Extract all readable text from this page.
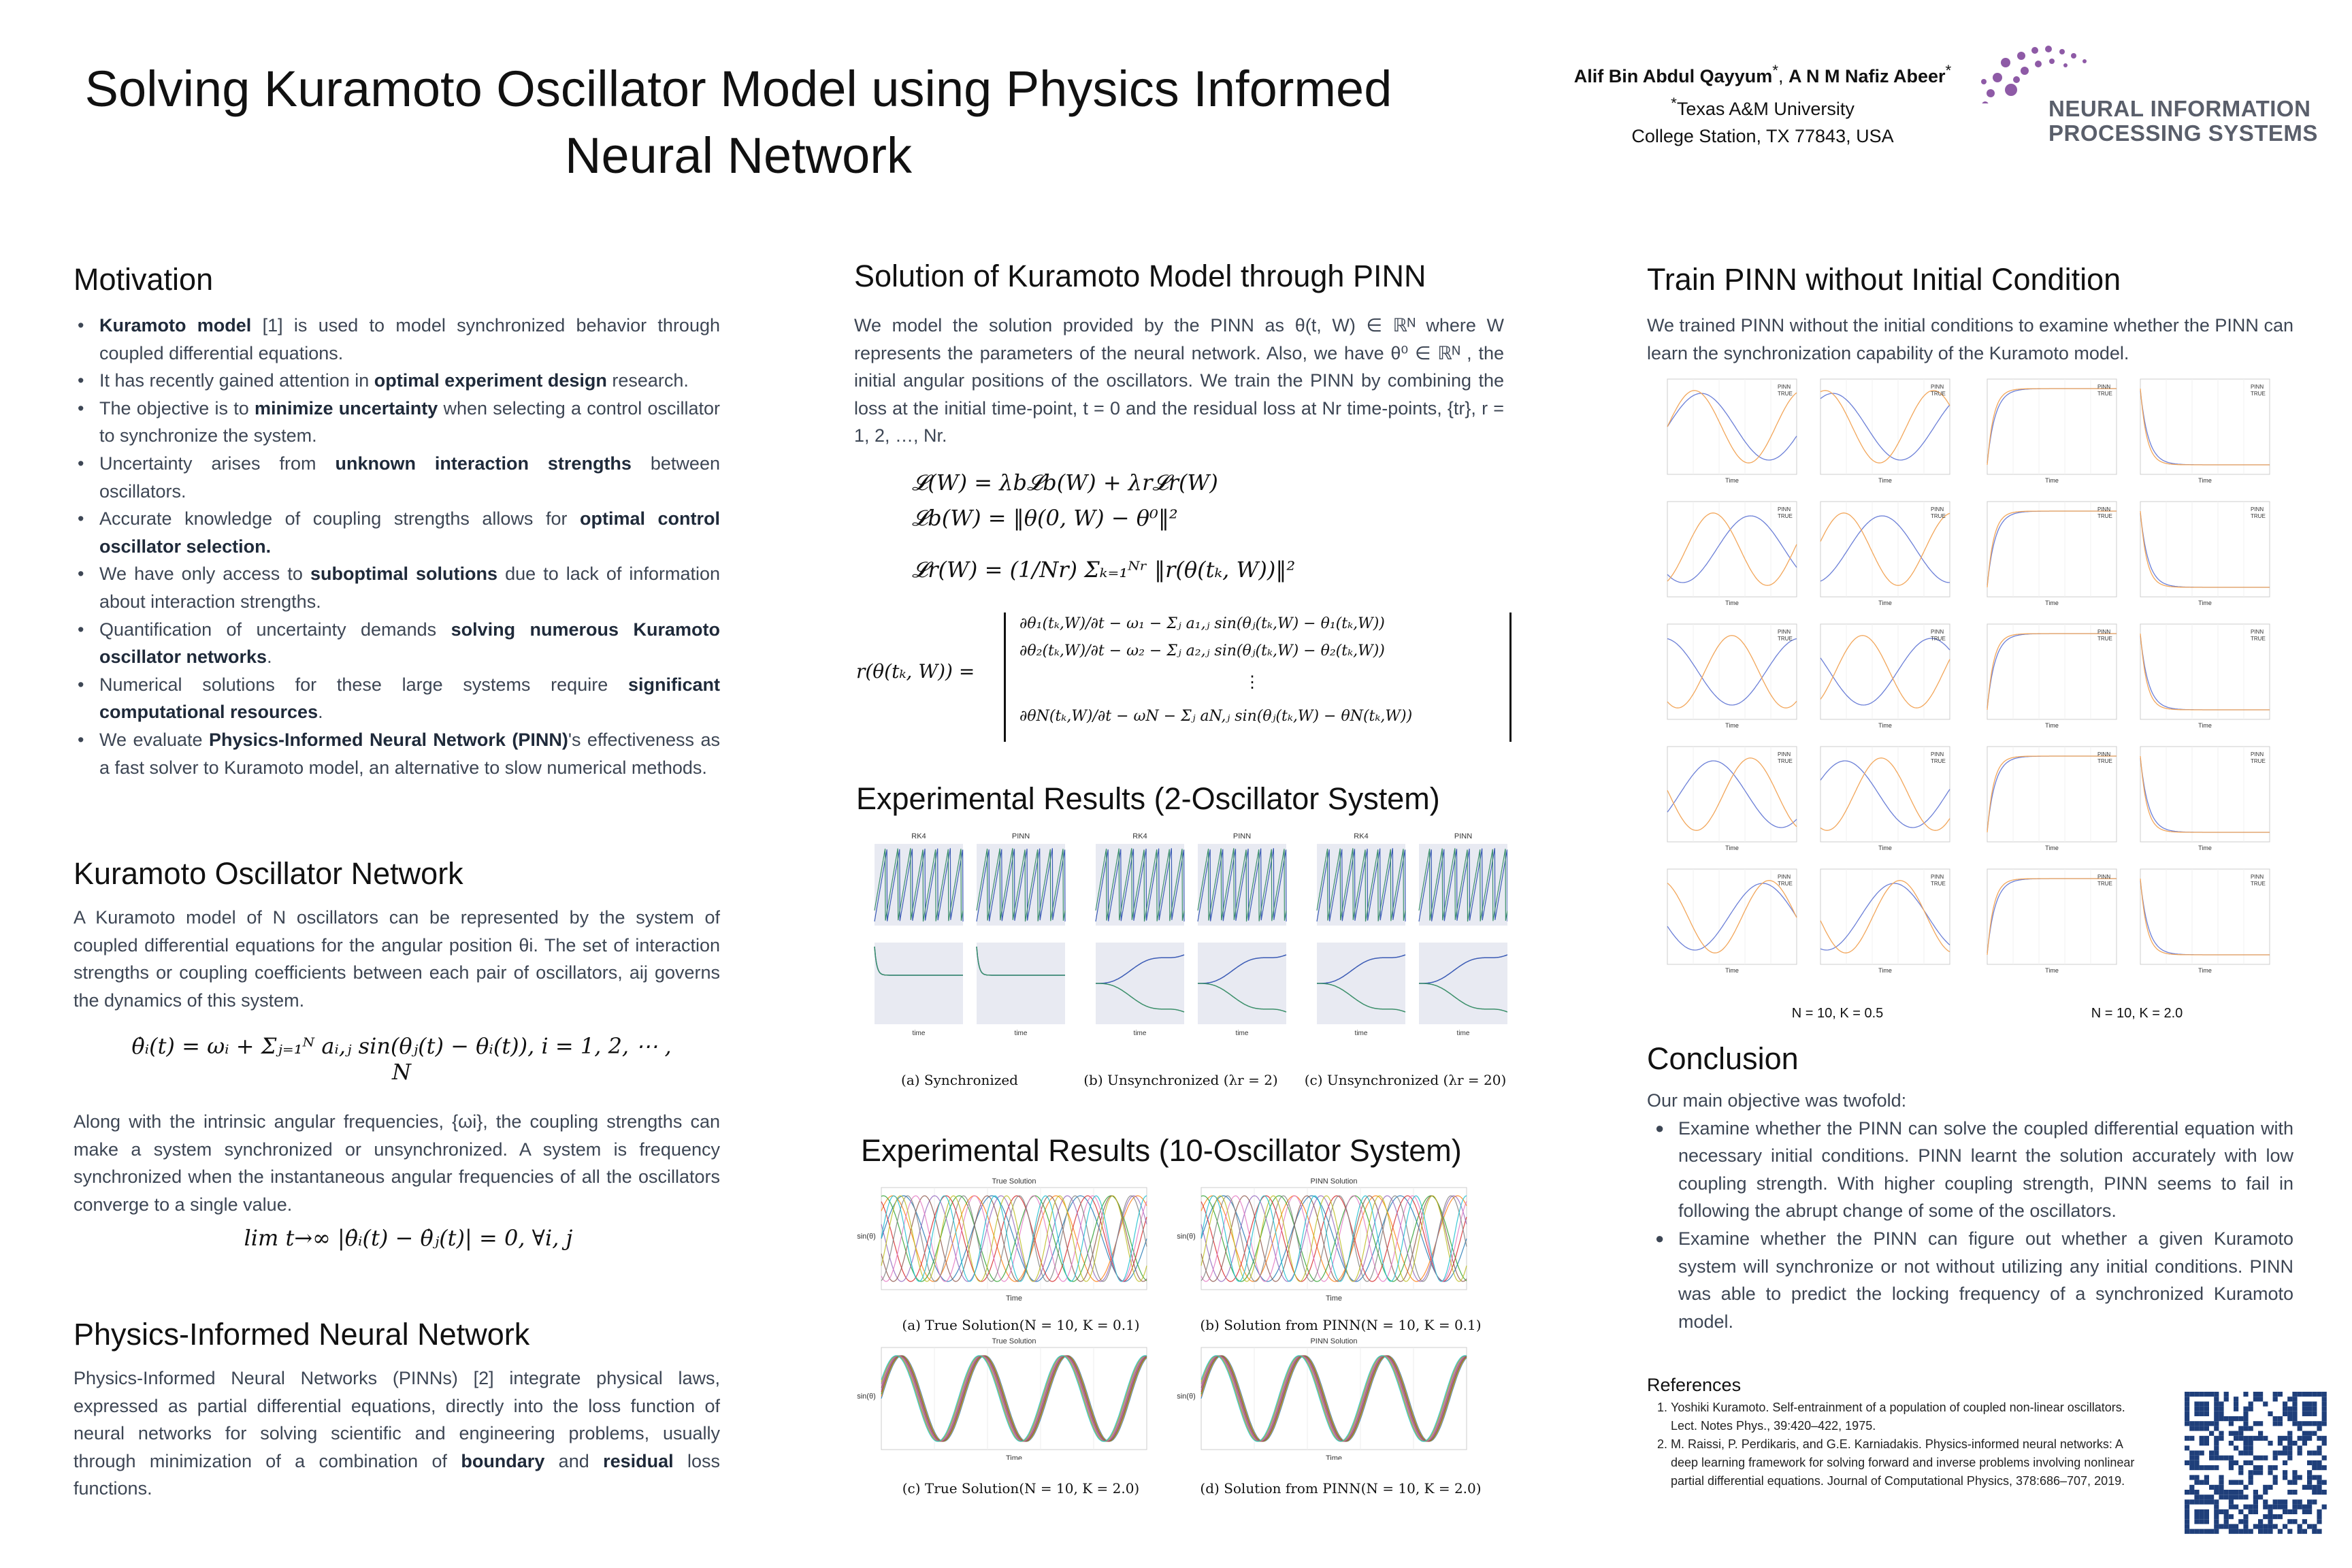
Solving Kuramoto Oscillator Model using Physics Informed
Neural Network
Alif Bin Abdul Qayyum*, A N M Nafiz Abeer*
*Texas A&M University
College Station, TX 77843, USA
NEURAL INFORMATION
PROCESSING SYSTEMS
Motivation
• Kuramoto model [1] is used to model synchronized behavior through coupled differential equations.
• It has recently gained attention in optimal experiment design research.
• The objective is to minimize uncertainty when selecting a control oscillator to synchronize the system.
• Uncertainty arises from unknown interaction strengths between oscillators.
• Accurate knowledge of coupling strengths allows for optimal control oscillator selection.
• We have only access to suboptimal solutions due to lack of information about interaction strengths.
• Quantification of uncertainty demands solving numerous Kuramoto oscillator networks.
• Numerical solutions for these large systems require significant computational resources.
• We evaluate Physics-Informed Neural Network (PINN)'s effectiveness as a fast solver to Kuramoto model, an alternative to slow numerical methods.
Kuramoto Oscillator Network
A Kuramoto model of N oscillators can be represented by the system of coupled differential equations for the angular position θi. The set of interaction strengths or coupling coefficients between each pair of oscillators, aij governs the dynamics of this system.
θ̇ᵢ(t) = ωᵢ + Σⱼ₌₁ᴺ aᵢ,ⱼ sin(θⱼ(t) − θᵢ(t)), i = 1, 2, ⋯ , N
Along with the intrinsic angular frequencies, {ωi}, the coupling strengths can make a system synchronized or unsynchronized. A system is frequency synchronized when the instantaneous angular frequencies of all the oscillators converge to a single value.
lim t→∞ |θ̇ᵢ(t) − θ̇ⱼ(t)| = 0, ∀i, j
Physics-Informed Neural Network
Physics-Informed Neural Networks (PINNs) [2] integrate physical laws, expressed as partial differential equations, directly into the loss function of neural networks for solving scientific and engineering problems, usually through minimization of a combination of boundary and residual loss functions.
Solution of Kuramoto Model through PINN
We model the solution provided by the PINN as θ(t, W) ∈ ℝᴺ where W represents the parameters of the neural network. Also, we have θ⁰ ∈ ℝᴺ , the initial angular positions of the oscillators. We train the PINN by combining the loss at the initial time-point, t = 0 and the residual loss at Nr time-points, {tr}, r = 1, 2, …, Nr.
𝓛(W) = λb𝓛b(W) + λr𝓛r(W)
𝓛b(W) = ‖θ(0, W) − θ⁰‖²
𝓛r(W) = (1/Nr) Σₖ₌₁ᴺʳ ‖r(θ(tₖ, W))‖²
r(θ(tₖ, W)) =
∂θ₁(tₖ,W)/∂t − ω₁ − Σⱼ a₁,ⱼ sin(θⱼ(tₖ,W) − θ₁(tₖ,W))
∂θ₂(tₖ,W)/∂t − ω₂ − Σⱼ a₂,ⱼ sin(θⱼ(tₖ,W) − θ₂(tₖ,W))
⋮
∂θN(tₖ,W)/∂t − ωN − Σⱼ aN,ⱼ sin(θⱼ(tₖ,W) − θN(tₖ,W))
Experimental Results (2-Oscillator System)
RK4
time
PINN
time
RK4
time
PINN
time
RK4
time
PINN
time
(a) Synchronized	(b) Unsynchronized (λr = 2)	(c) Unsynchronized (λr = 20)
Experimental Results (10-Oscillator System)
True Solution
sin(θ)
Time
PINN Solution
sin(θ)
Time
True Solution
sin(θ)
Time
PINN Solution
sin(θ)
Time
(a) True Solution(N = 10, K = 0.1)	(b) Solution from PINN(N = 10, K = 0.1)
(c) True Solution(N = 10, K = 2.0)	(d) Solution from PINN(N = 10, K = 2.0)
Train PINN without Initial Condition
We trained PINN without the initial conditions to examine whether the PINN can learn the synchronization capability of the Kuramoto model.
PINN
TRUE
Time
PINN
TRUE
Time
PINN
TRUE
Time
PINN
TRUE
Time
PINN
TRUE
Time
PINN
TRUE
Time
PINN
TRUE
Time
PINN
TRUE
Time
PINN
TRUE
Time
PINN
TRUE
Time
PINN
TRUE
Time
PINN
TRUE
Time
PINN
TRUE
Time
PINN
TRUE
Time
PINN
TRUE
Time
PINN
TRUE
Time
PINN
TRUE
Time
PINN
TRUE
Time
PINN
TRUE
Time
PINN
TRUE
Time
N = 10, K = 0.5	N = 10, K = 2.0
Conclusion
Our main objective was twofold:
● Examine whether the PINN can solve the coupled differential equation with necessary initial conditions. PINN learnt the solution accurately with low coupling strength. With higher coupling strength, PINN seems to fail in following the abrupt change of some of the oscillators.
● Examine whether the PINN can figure out whether a given Kuramoto system will synchronize or not without utilizing any initial conditions. PINN was able to predict the locking frequency of a synchronized Kuramoto model.
References
1. Yoshiki Kuramoto. Self-entrainment of a population of coupled non-linear oscillators. Lect. Notes Phys., 39:420–422, 1975.
2. M. Raissi, P. Perdikaris, and G.E. Karniadakis. Physics-informed neural networks: A deep learning framework for solving forward and inverse problems involving nonlinear partial differential equations. Journal of Computational Physics, 378:686–707, 2019.
